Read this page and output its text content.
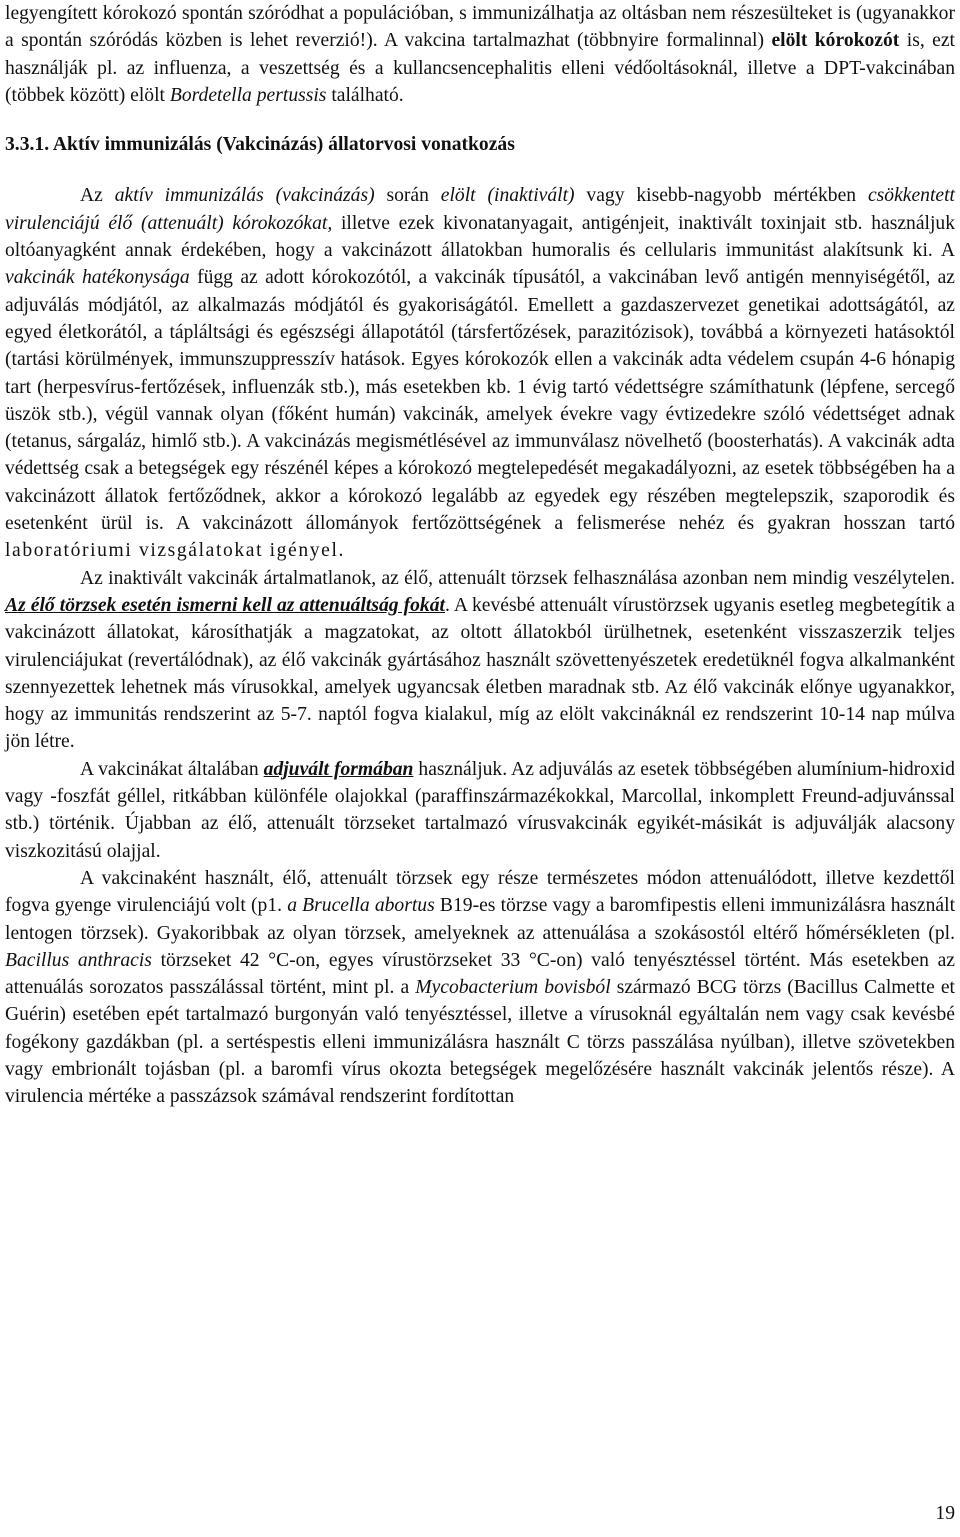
legyengített kórokozó spontán szóródhat a populációban, s immunizálhatja az oltásban nem részesülteket is (ugyanakkor a spontán szóródás közben is lehet reverzió!). A vakcina tartalmazhat (többnyire formalinnal) elölt kórokozót is, ezt használják pl. az influenza, a veszettség és a kullancsencephalitis elleni védőoltásoknál, illetve a DPT-vakcinában (többek között) elölt Bordetella pertussis található.

3.3.1. Aktív immunizálás (Vakcinázás) állatorvosi vonatkozás

Az aktív immunizálás (vakcinázás) során elölt (inaktivált) vagy kisebb-nagyobb mértékben csökkentett virulenciájú élő (attenuált) kórokozókat, illetve ezek kivonatanyagait, antigénjeit, inaktivált toxinjait stb. használjuk oltóanyagként annak érdekében, hogy a vakcinázott állatokban humoralis és cellularis immunitást alakítsunk ki. A vakcinák hatékonysága függ az adott kórokozótól, a vakcinák típusától, a vakcinában levő antigén mennyiségétől, az adjuválás módjától, az alkalmazás módjától és gyakoriságától. Emellett a gazdaszervezet genetikai adottságától, az egyed életkorától, a tápláltsági és egészségi állapotától (társfertőzések, parazitózisok), továbbá a környezeti hatásoktól (tartási körülmények, immunszuppresszív hatások. Egyes kórokozók ellen a vakcinák adta védelem csupán 4-6 hónapig tart (herpesvírus-fertőzések, influenzák stb.), más esetekben kb. 1 évig tartó védettségre számíthatunk (lépfene, sercegő üszök stb.), végül vannak olyan (főként humán) vakcinák, amelyek évekre vagy évtizedekre szóló védettséget adnak (tetanus, sárgaláz, himlő stb.). A vakcinázás megismétlésével az immunválasz növelhető (boosterhatás). A vakcinák adta védettség csak a betegségek egy részénél képes a kórokozó megtelepedését megakadályozni, az esetek többségében ha a vakcinázott állatok fertőződnek, akkor a kórokozó legalább az egyedek egy részében megtelepszik, szaporodik és esetenként ürül is. A vakcinázott állományok fertőzöttségének a felismerése nehéz és gyakran hosszan tartó laboratóriumi vizsgálatokat igényel.

Az inaktivált vakcinák ártalmatlanok, az élő, attenuált törzsek felhasználása azonban nem mindig veszélytelen. Az élő törzsek esetén ismerni kell az attenuáltság fokát. A kevésbé attenuált vírustörzsek ugyanis esetleg megbetegítik a vakcinázott állatokat, károsíthatják a magzatokat, az oltott állatokból ürülhetnek, esetenként visszaszerzik teljes virulenciájukat (revertálódnak), az élő vakcinák gyártásához használt szövettenyészetek eredetüknél fogva alkalmanként szennyezettek lehetnek más vírusokkal, amelyek ugyancsak életben maradnak stb. Az élő vakcinák előnye ugyanakkor, hogy az immunitás rendszerint az 5-7. naptól fogva kialakul, míg az elölt vakcináknál ez rendszerint 10-14 nap múlva jön létre.

A vakcinákat általában adjuvált formában használjuk. Az adjuválás az esetek többségében alumínium-hidroxid vagy -foszfát géllel, ritkábban különféle olajokkal (paraffinszármazékokkal, Marcollal, inkomplett Freund-adjuvánssal stb.) történik. Újabban az élő, attenuált törzseket tartalmazó vírusvakcinák egyikét-másikát is adjuválják alacsony viszkozitású olajjal.

A vakcinaként használt, élő, attenuált törzsek egy része természetes módon attenuálódott, illetve kezdettől fogva gyenge virulenciájú volt (p1. a Brucella abortus B19-es törzse vagy a baromfipestis elleni immunizálásra használt lentogen törzsek). Gyakoribbak az olyan törzsek, amelyeknek az attenuálása a szokásostól eltérő hőmérsékleten (pl. Bacillus anthracis törzseket 42 °C-on, egyes vírustörzseket 33 °C-on) való tenyésztéssel történt. Más esetekben az attenuálás sorozatos passzálással történt, mint pl. a Mycobacterium bovisból származó BCG törzs (Bacillus Calmette et Guérin) esetében epét tartalmazó burgonyán való tenyésztéssel, illetve a vírusoknál egyáltalán nem vagy csak kevésbé fogékony gazdákban (pl. a sertéspestis elleni immunizálásra használt C törzs passzálása nyúlban), illetve szövetekben vagy embrionált tojásban (pl. a baromfi vírus okozta betegségek megelőzésére használt vakcinák jelentős része). A virulencia mértéke a passzázsok számával rendszerint fordítottan

19
